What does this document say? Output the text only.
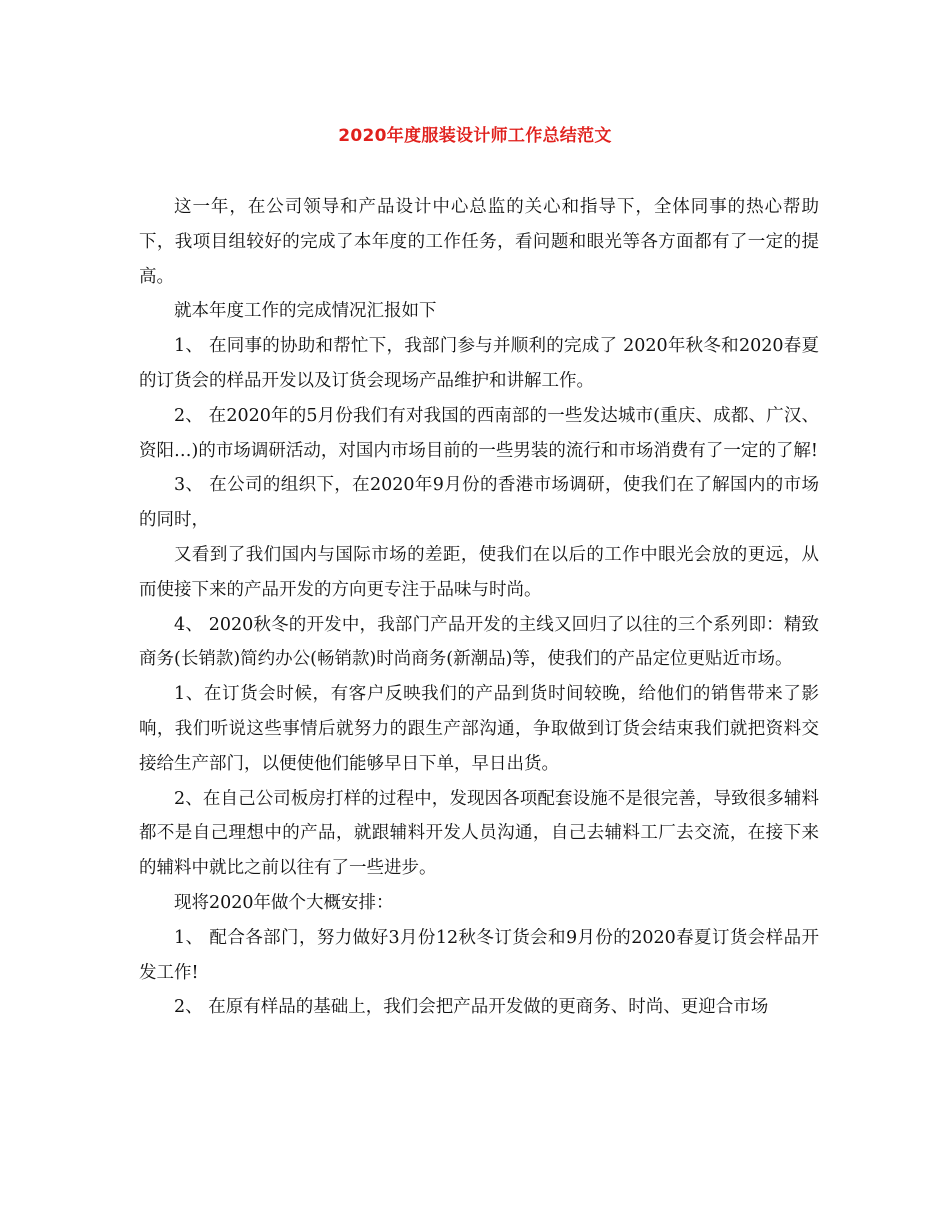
2020年度服装设计师工作总结范文

这一年，在公司领导和产品设计中心总监的关心和指导下，全体同事的热心帮助下，我项目组较好的完成了本年度的工作任务，看问题和眼光等各方面都有了一定的提高。

就本年度工作的完成情况汇报如下

1、 在同事的协助和帮忙下，我部门参与并顺利的完成了 2020年秋冬和2020春夏的订货会的样品开发以及订货会现场产品维护和讲解工作。

2、 在2020年的5月份我们有对我国的西南部的一些发达城市(重庆、成都、广汉、资阳…)的市场调研活动，对国内市场目前的一些男装的流行和市场消费有了一定的了解!

3、 在公司的组织下，在2020年9月份的香港市场调研，使我们在了解国内的市场的同时，

又看到了我们国内与国际市场的差距，使我们在以后的工作中眼光会放的更远，从而使接下来的产品开发的方向更专注于品味与时尚。

4、 2020秋冬的开发中，我部门产品开发的主线又回归了以往的三个系列即：精致商务(长销款)简约办公(畅销款)时尚商务(新潮品)等，使我们的产品定位更贴近市场。

1、在订货会时候，有客户反映我们的产品到货时间较晚，给他们的销售带来了影响，我们听说这些事情后就努力的跟生产部沟通，争取做到订货会结束我们就把资料交接给生产部门，以便使他们能够早日下单，早日出货。

2、在自己公司板房打样的过程中，发现因各项配套设施不是很完善，导致很多辅料都不是自己理想中的产品，就跟辅料开发人员沟通，自己去辅料工厂去交流，在接下来的辅料中就比之前以往有了一些进步。

现将2020年做个大概安排：

1、 配合各部门，努力做好3月份12秋冬订货会和9月份的2020春夏订货会样品开发工作!

2、 在原有样品的基础上，我们会把产品开发做的更商务、时尚、更迎合市场
